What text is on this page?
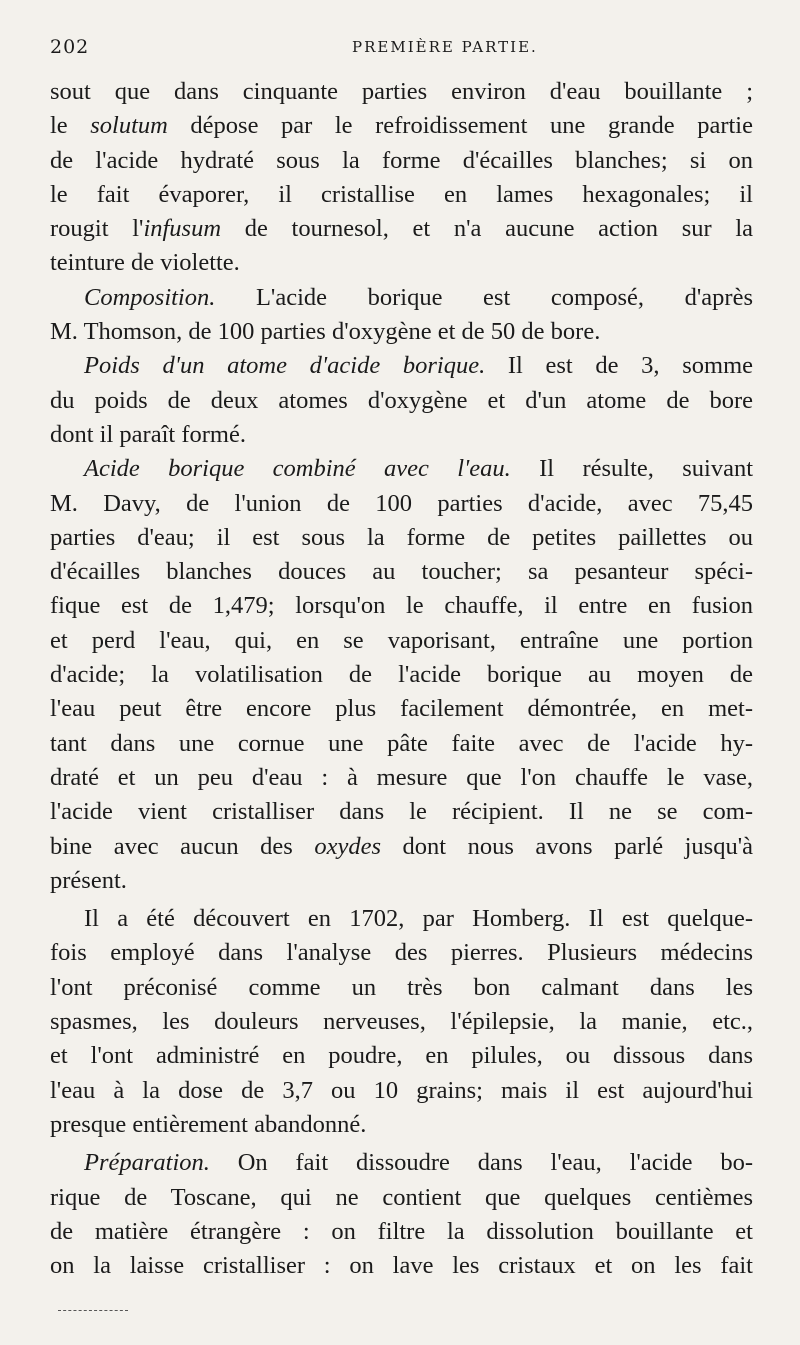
202	PREMIÈRE PARTIE.
sout que dans cinquante parties environ d'eau bouillante ;
le solutum dépose par le refroidissement une grande partie
de l'acide hydraté sous la forme d'écailles blanches; si on
le fait évaporer, il cristallise en lames hexagonales; il
rougit l'infusum de tournesol, et n'a aucune action sur la
teinture de violette.
Composition. L'acide borique est composé, d'après
M. Thomson, de 100 parties d'oxygène et de 50 de bore.
Poids d'un atome d'acide borique. Il est de 3, somme
du poids de deux atomes d'oxygène et d'un atome de bore
dont il paraît formé.
Acide borique combiné avec l'eau. Il résulte, suivant
M. Davy, de l'union de 100 parties d'acide, avec 75,45
parties d'eau; il est sous la forme de petites paillettes ou
d'écailles blanches douces au toucher; sa pesanteur spéci-
fique est de 1,479; lorsqu'on le chauffe, il entre en fusion
et perd l'eau, qui, en se vaporisant, entraîne une portion
d'acide; la volatilisation de l'acide borique au moyen de
l'eau peut être encore plus facilement démontrée, en met-
tant dans une cornue une pâte faite avec de l'acide hy-
draté et un peu d'eau : à mesure que l'on chauffe le vase,
l'acide vient cristalliser dans le récipient. Il ne se com-
bine avec aucun des oxydes dont nous avons parlé jusqu'à
présent.
Il a été découvert en 1702, par Homberg. Il est quelque-
fois employé dans l'analyse des pierres. Plusieurs médecins
l'ont préconisé comme un très bon calmant dans les
spasmes, les douleurs nerveuses, l'épilepsie, la manie, etc.,
et l'ont administré en poudre, en pilules, ou dissous dans
l'eau à la dose de 3,7 ou 10 grains; mais il est aujourd'hui
presque entièrement abandonné.
Préparation. On fait dissoudre dans l'eau, l'acide bo-
rique de Toscane, qui ne contient que quelques centièmes
de matière étrangère : on filtre la dissolution bouillante et
on la laisse cristalliser : on lave les cristaux et on les fait
